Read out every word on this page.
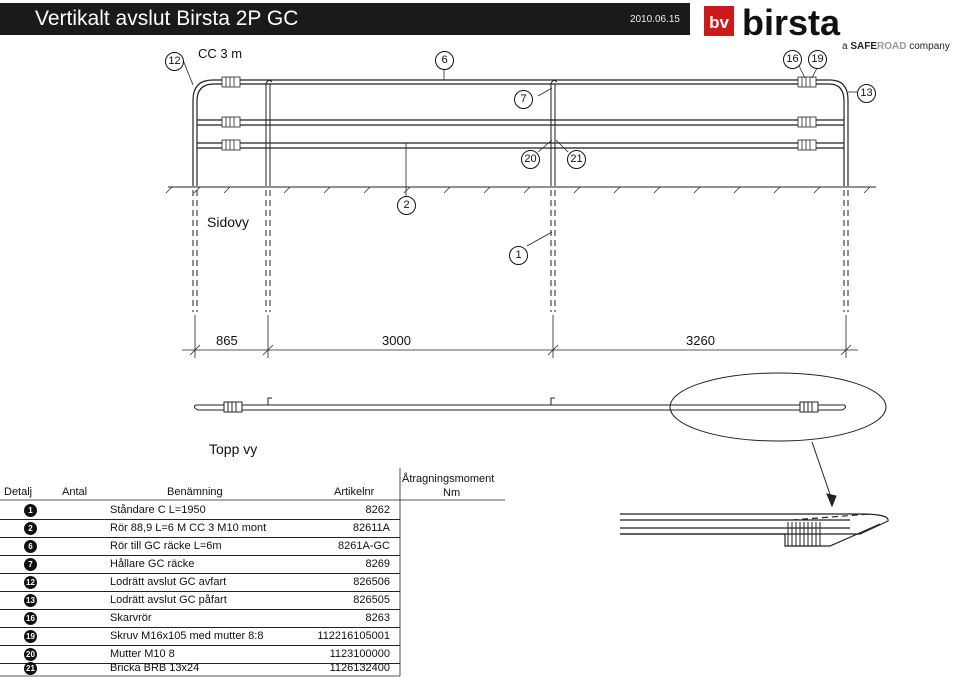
Vertikalt avslut Birsta 2P GC	2010.06.15 bv birsta
a SAFEROAD company
12 CC 3 m	6	16	19
7	13
20	21
2
1
Sidovy
865	3000	3260
Topp vy
Detalj	Antal	Benämning	Artikelnr
Åtragningsmoment
Nm
1	Ståndare C L=1950	8262
2	Rör 88,9 L=6 M CC 3 M10 mont	82611A
6	Rör till GC räcke L=6m	8261A-GC
7	Hållare GC räcke	8269
12	Lodrätt avslut GC avfart	826506
13	Lodrätt avslut GC påfart	826505
16	Skarvrör	8263
19	Skruv M16x105 med mutter 8:8	112216105001
20	Mutter M10 8	1123100000
21	Bricka BRB 13x24	1126132400
